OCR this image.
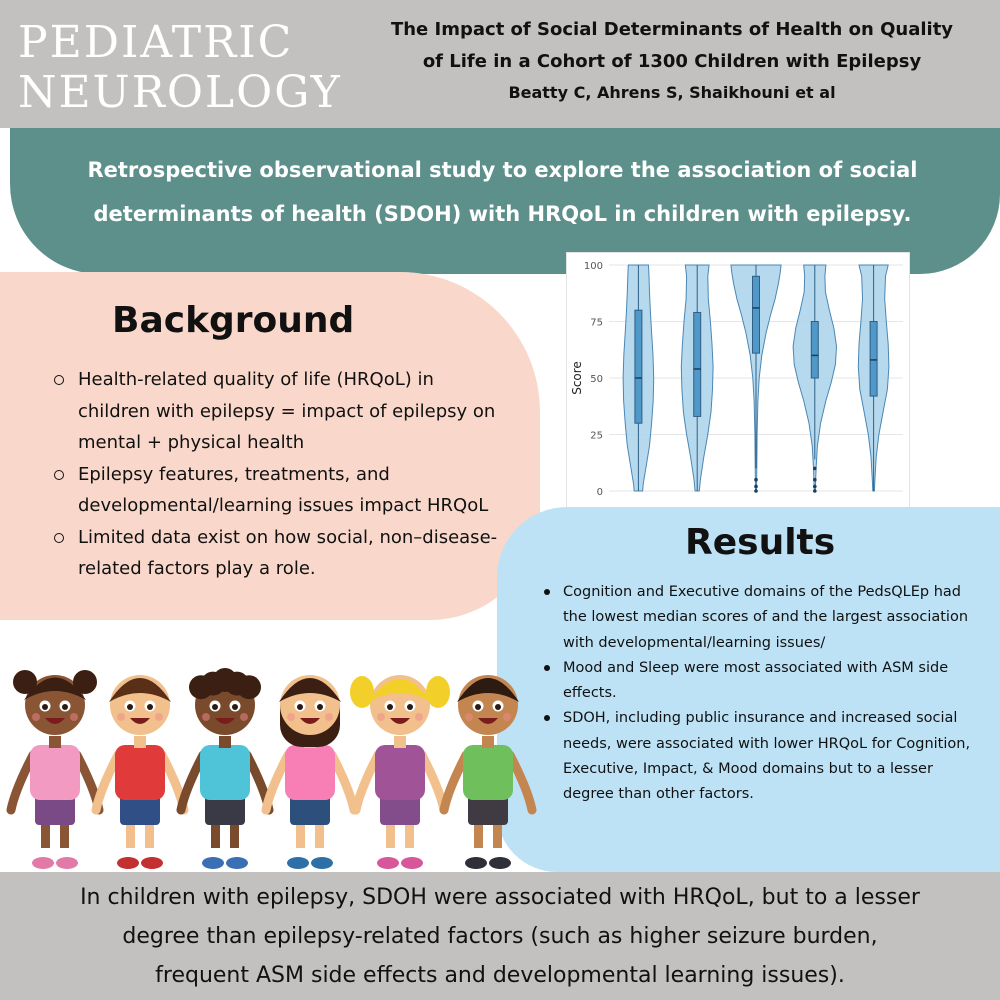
PEDIATRIC
NEUROLOGY
The Impact of Social Determinants of Health on Quality
of Life in a Cohort of 1300 Children with Epilepsy
Beatty C, Ahrens S, Shaikhouni et al
Retrospective observational study to explore the association of social
determinants of health (SDOH) with HRQoL in children with epilepsy.
Background
Health-related quality of life (HRQoL) in children with epilepsy = impact of epilepsy on mental + physical health
Epilepsy features, treatments, and developmental/learning issues impact HRQoL
Limited data exist on how social, non–disease-related factors play a role.
0
25
50
75
100
Score
Results
Cognition and Executive domains of the PedsQLEp had the lowest median scores of and the largest association with developmental/learning issues/
Mood and Sleep were most associated with ASM side effects.
SDOH, including public insurance and increased social needs, were associated with lower HRQoL for Cognition, Executive, Impact, & Mood domains but to a lesser degree than other factors.
In children with epilepsy, SDOH were associated with HRQoL, but to a lesser
degree than epilepsy-related factors (such as higher seizure burden,
frequent ASM side effects and developmental learning issues).
